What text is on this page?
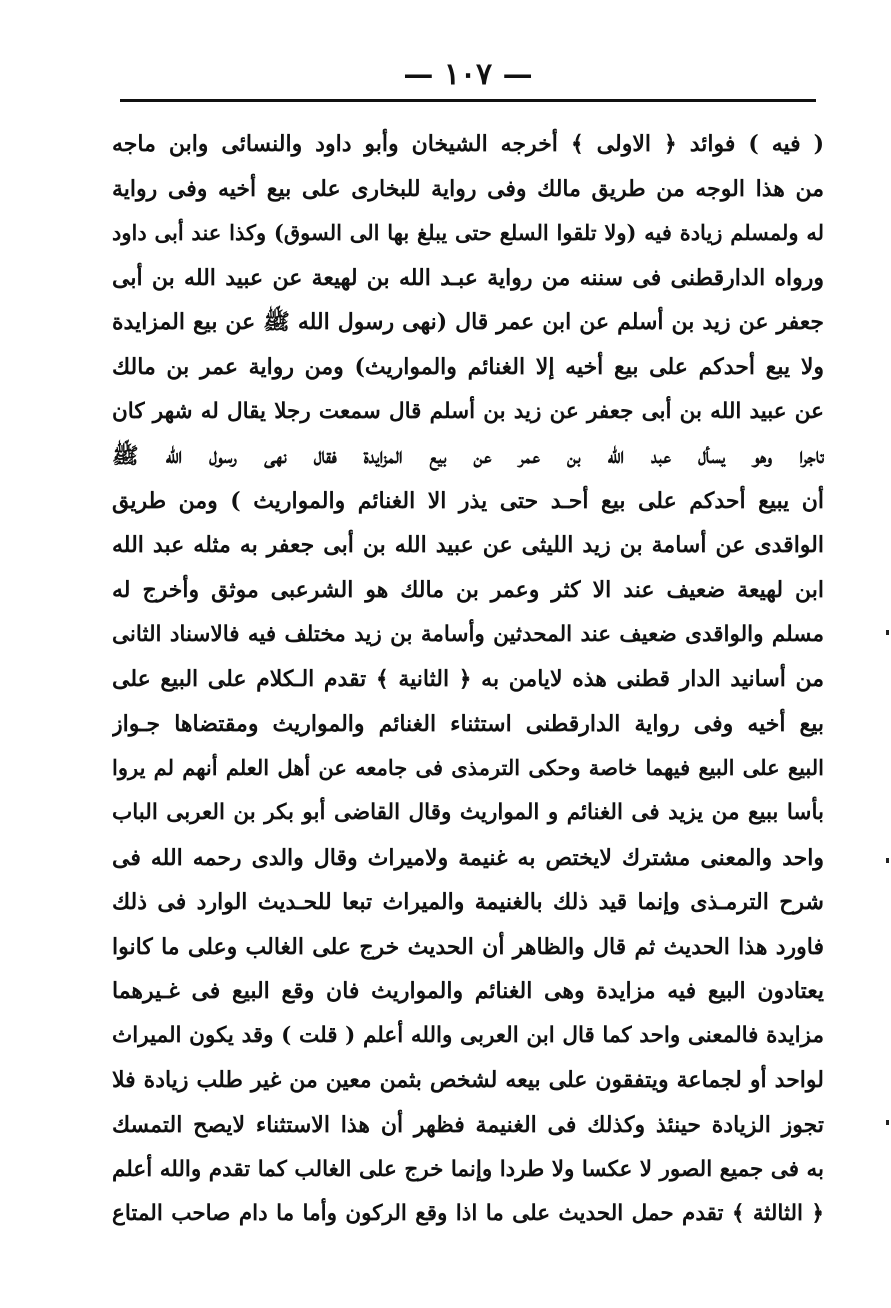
— ١٠٧ —
( فيه ) فوائد ﴿ الاولى ﴾ أخرجه الشيخان وأبو داود والنسائى وابن ماجه
من هذا الوجه من طريق مالك وفى رواية للبخارى على بيع أخيه وفى رواية
له ولمسلم زيادة فيه (ولا تلقوا السلع حتى يبلغ بها الى السوق) وكذا عند أبى داود
ورواه الدارقطنى فى سننه من رواية عبـد الله بن لهيعة عن عبيد الله بن أبى
جعفر عن زيد بن أسلم عن ابن عمر قال (نهى رسول الله ﷺ عن بيع المزايدة
ولا يبع أحدكم على بيع أخيه إلا الغنائم والمواريث) ومن رواية عمر بن مالك
عن عبيد الله بن أبى جعفر عن زيد بن أسلم قال سمعت رجلا يقال له شهر كان
تاجرا وهو يسأل عبد الله بن عمر عن بيع المزايدة فقال نهى رسول الله ﷺ
أن يبيع أحدكم على بيع أحـد حتى يذر الا الغنائم والمواريث ) ومن طريق
الواقدى عن أسامة بن زيد الليثى عن عبيد الله بن أبى جعفر به مثله عبد الله
ابن لهيعة ضعيف عند الا كثر وعمر بن مالك هو الشرعبى موثق وأخرج له
مسلم والواقدى ضعيف عند المحدثين وأسامة بن زيد مختلف فيه فالاسناد الثانى
من أسانيد الدار قطنى هذه لايامن به ﴿ الثانية ﴾ تقدم الـكلام على البيع على
بيع أخيه وفى رواية الدارقطنى استثناء الغنائم والمواريث ومقتضاها جـواز
البيع على البيع فيهما خاصة وحكى الترمذى فى جامعه عن أهل العلم أنهم لم يروا
بأسا ببيع من يزيد فى الغنائم و المواريث وقال القاضى أبو بكر بن العربى الباب
واحد والمعنى مشترك لايختص به غنيمة ولاميراث وقال والدى رحمه الله فى
شرح الترمـذى وإنما قيد ذلك بالغنيمة والميراث تبعا للحـديث الوارد فى ذلك
فاورد هذا الحديث ثم قال والظاهر أن الحديث خرج على الغالب وعلى ما كانوا
يعتادون البيع فيه مزايدة وهى الغنائم والمواريث فان وقع البيع فى غـيرهما
مزايدة فالمعنى واحد كما قال ابن العربى والله أعلم ( قلت ) وقد يكون الميراث
لواحد أو لجماعة ويتفقون على بيعه لشخص بثمن معين من غير طلب زيادة فلا
تجوز الزيادة حينئذ وكذلك فى الغنيمة فظهر أن هذا الاستثناء لايصح التمسك
به فى جميع الصور لا عكسا ولا طردا وإنما خرج على الغالب كما تقدم والله أعلم
﴿ الثالثة ﴾ تقدم حمل الحديث على ما اذا وقع الركون وأما ما دام صاحب المتاع
